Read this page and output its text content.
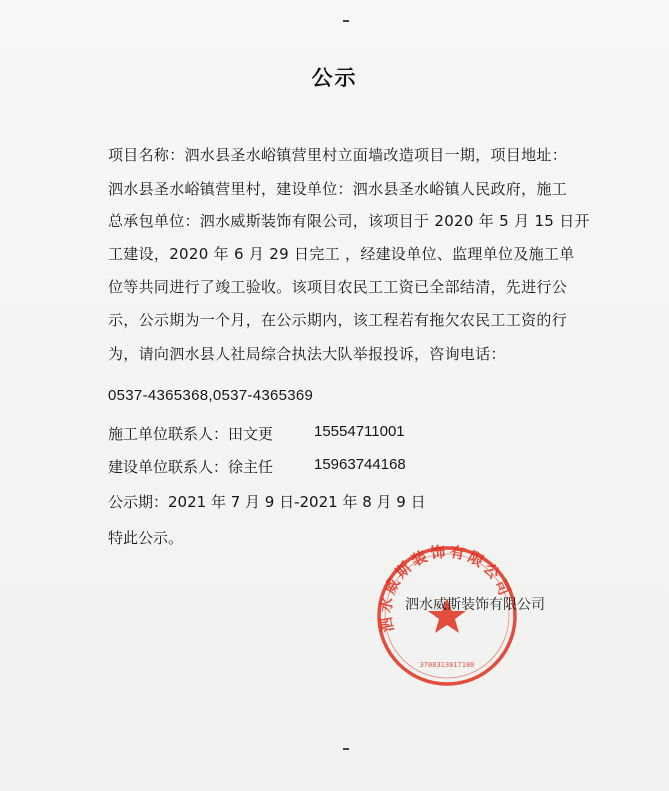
公示
项目名称：泗水县圣水峪镇营里村立面墙改造项目一期，项目地址：
泗水县圣水峪镇营里村，建设单位：泗水县圣水峪镇人民政府，施工
总承包单位：泗水威斯装饰有限公司，该项目于 2020 年 5 月 15 日开
工建设，2020 年 6 月 29 日完工 ，经建设单位、监理单位及施工单
位等共同进行了竣工验收。该项目农民工工资已全部结清，先进行公
示，公示期为一个月，在公示期内，该工程若有拖欠农民工工资的行
为，请向泗水县人社局综合执法大队举报投诉，咨询电话：
0537-4365368,0537-4365369
施工单位联系人：田文更	15554711001
建设单位联系人：徐主任	15963744168
公示期：2021 年 7 月 9 日-2021 年 8 月 9 日
特此公示。
泗水威斯装饰有限公司
3708313017180
泗水威斯装饰有限公司
